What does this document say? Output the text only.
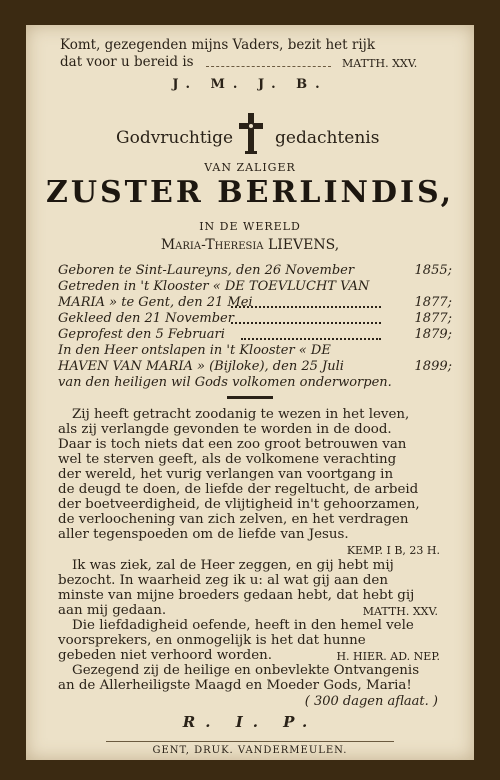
Komt, gezegenden mijns Vaders, bezit het rijk
dat voor u bereid is	MATTH. XXV.
J. M. J. B.
Godvruchtige gedachtenis
VAN ZALIGER
ZUSTER BERLINDIS,
IN DE WERELD
Maria-Theresia LIEVENS,
Geboren te Sint-Laureyns, den 26 November	1855;
Getreden in 't Klooster « DE TOEVLUCHT VAN
MARIA » te Gent, den 21 Mei	1877;
Gekleed den 21 November	1877;
Geprofest den 5 Februari	1879;
In den Heer ontslapen in 't Klooster « DE
HAVEN VAN MARIA » (Bijloke), den 25 Juli	1899;
van den heiligen wil Gods volkomen onderworpen.
Zij heeft getracht zoodanig te wezen in het leven,
als zij verlangde gevonden te worden in de dood.
Daar is toch niets dat een zoo groot betrouwen van
wel te sterven geeft, als de volkomene verachting
der wereld, het vurig verlangen van voortgang in
de deugd te doen, de liefde der regeltucht, de arbeid
der boetveerdigheid, de vlijtigheid in't gehoorzamen,
de verloochening van zich zelven, en het verdragen
aller tegenspoeden om de liefde van Jesus.
KEMP. I B, 23 H.
Ik was ziek, zal de Heer zeggen, en gij hebt mij
bezocht. In waarheid zeg ik u: al wat gij aan den
minste van mijne broeders gedaan hebt, dat hebt gij
aan mij gedaan.	MATTH. XXV.
Die liefdadigheid oefende, heeft in den hemel vele
voorsprekers, en onmogelijk is het dat hunne
gebeden niet verhoord worden.	H. HIER. AD. NEP.
Gezegend zij de heilige en onbevlekte Ontvangenis
an de Allerheiligste Maagd en Moeder Gods, Maria!
( 300 dagen aflaat. )
R. I. P.
GENT, DRUK. VANDERMEULEN.
